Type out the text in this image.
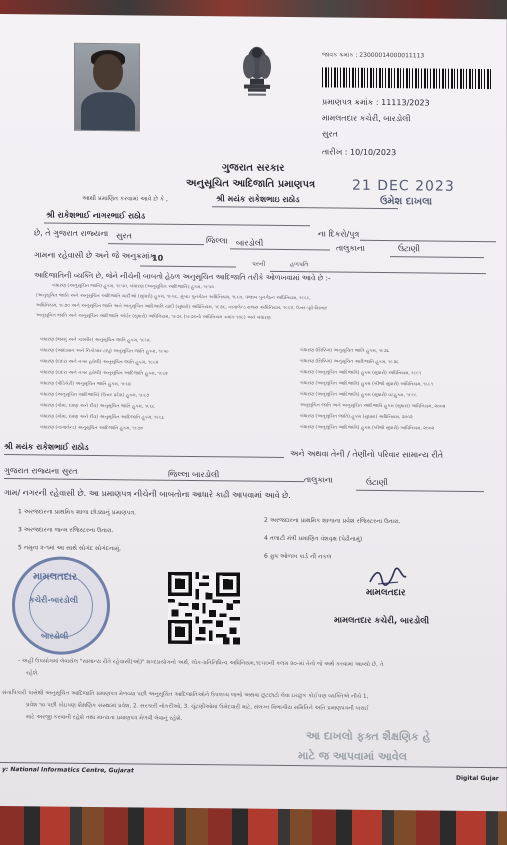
જાવક ક્રમાંક : 23000014000011113
પ્રમાણપત્ર ક્રમાંક : 11113/2023
મામલતદાર કચેરી, બારડોલી
સુરત
તારીખ : 10/10/2023
ગુજરાત સરકાર
અનુસૂચિત આદિજાતિ પ્રમાણપત્ર	21 DEC 2023
ઉમેશ દાખલા
આથી પ્રમાણિત કરવામાં આવે છે કે ,	શ્રી મયંક રાકેશભાઇ રાઠોડ
શ્રી રાકેશભાઈ નાગરભાઈ રાઠોડ
ના દિકરો/પુત્ર
છે, તે ગુજરાત રાજ્યના સુરત
જિલ્લા બારડોલી
તાલુકાના	ઉંટાણી
ગામના રહેવાસી છે અને જે અનુક્રમાંક
10
પરની	હળપતિ
આદિજાતિની વ્યક્તિ છે, જેને નીચેની બાબતો હેઠળ અનુસૂચિત આદિજાતિ તરીકે ઓળખવામાં આવે છે :-
બંધારણ (અનુસૂચિત જાતિ) હુકમ, ૧૯૫૦, બંધારણ (અનુસૂચિત આદિજાતિ) હુકમ, ૧૯૫૦
(અનુસૂચિત જાતિ અને અનુસૂચિત આદિજાતિ યાદીઓ (સુધારો) હુકમ, ૧૯૫૬, મુંબઇ પુનર્ગઠન અધિનિયમ, ૧૯૬૦, પંજાબ પુનર્ગઠન અધિનિયમ, ૧૯૬૬,
અધિનિયમ, ૧૯૭૦ અને અનુસૂચિત જાતિ અને અનુસૂચિત આદિજાતિ યાદી (સુધારો) અધિનિયમ, ૧૯૭૬, નાગાલેન્ડ રાજ્ય અધિનિયમ, ૧૯૬૨, ઉત્તર-પૂર્વ વિસ્તાર
અનુસૂચિત જાતિ અને અનુસૂચિત આદિજાતિ ઓર્ડર (સુધારો) અધિનિયમ, ૧૯૭૬ (૧૯૭૦નો અધિનિયમ ક્રમાંક ૧૦૮) અને બંધારણ
બંધારણ (જમ્મુ અને કાશ્મીર) અનુસૂચિત જાતિ હુકમ, ૧૯૫૬
બંધારણ (આંદામાન અને નિકોબાર ટાપુ) અનુસૂચિત જાતિ હુકમ, ૧૯૫૯
બંધારણ (દાદરા અને નગર હવેલી) અનુસૂચિત જાતિ હુકમ, ૧૯૬૨
બંધારણ (દાદરા અને નગર હવેલી) અનુસૂચિત આદિજાતિ હુકમ, ૧૯૬૨
બંધારણ (પોંડિચેરી) અનુસૂચિત જાતિ હુકમ, ૧૯૬૪
બંધારણ (અનુસૂચિત આદિજાતિ) (ઉત્તર પ્રદેશ) હુકમ, ૧૯૬૭
બંધારણ (ગોવા, દમણ અને દીવ) અનુસૂચિત જાતિ હુકમ, ૧૯૬૮
બંધારણ (ગોવા, દમણ અને દીવ) અનુસૂચિત આદિજાતિ હુકમ, ૧૯૬૮
બંધારણ (નાગાલેન્ડ) અનુસૂચિત આદિજાતિ હુકમ, ૧૯૭૦
બંધારણ (સિક્કિમ) અનુસૂચિત જાતિ હુકમ, ૧૯૭૮
બંધારણ (સિક્કિમ) અનુસૂચિત આદિજાતિ હુકમ, ૧૯૭૮
બંધારણ (અનુસૂચિત આદિજાતિ) હુકમ (સુધારો) અધિનિયમ, ૧૯૯૧
બંધારણ (અનુસૂચિત આદિજાતિ) હુકમ (બીજો સુધારો) અધિનિયમ, ૧૯૯૧
બંધારણ (અનુસૂચિત આદિજાતિ) હુકમ (સુધારો) વટહુકમ, ૧૯૯૬
અનુસૂચિત જાતિ અને અનુસૂચિત આદિજાતિ હુકમ (સુધારા) અધિનિયમ, ૨૦૦૨
બંધારણ (અનુસૂચિત જાતિ) હુકમ (સુધારા) અધિનિયમ, ૨૦૦૨
બંધારણ (અનુસૂચિત આદિજાતિ) હુકમ (બીજો સુધારો) અધિનિયમ, ૨૦૦૨
શ્રી મયંક રાકેશભાઈ રાઠોડ
અને અથવા તેની / તેણીનો પરિવાર સામાન્ય રીતે
ગુજરાત રાજ્યના સુરત	જિલ્લા બારડોલી
તાલુકાના	ઉંટાણી
ગામ/ નગરની રહેવાસી છે. આ પ્રમાણપત્ર નીચેની બાબતોના આધારે કાઢી આપવામાં આવે છે.
1 અરજદારના પ્રાથમિક શાળા છોડ્યાનું પ્રમાણપત્ર.
2 અરજદારના પ્રાથમિક શાળાના પ્રવેશ રજિસ્ટરના ઉતારા.
3 અરજદારના જન્મ રજિસ્ટરના ઉતારા.
4 તલાટી મંત્રી પ્રમાણિત વંશવૃક્ષ (પેઢીનામું)
5 નમુના ૨-૧માં આ સાથે સોગંદ સોગંદનામું.
6 ગ્રુપ ઓળખ કાર્ડ ની નકલ
મામલતદાર
કચેરી-બારડોલી
બારડોલી
મામલતદાર
મામલતદાર કચેરી, બારડોલી
- અહીં ઉપયોગમાં લેવાયેલ "સામાન્ય રીતે રહેવાસી(ઓ)" શબ્દપ્રયોગનો અર્થ, લોક-પ્રતિનિધિત્વ અધિનિયમ,૧૯૫૦ની કલમ ૨૦-માં તેનો જે અર્થ કરવામાં આવ્યો છે, તે
રહેશે.
સંતાપિકારી પાસેથી અનુસૂચિત આદિજાતિ પ્રમાણપત્ર મેળવ્યા પછી અનુસૂચિત આદિજાતિઓને ઉપલબ્ધ લાભો અથવા છૂટછાટો લેવા ઇચ્છુક કોઈપણ વ્યક્તિએ નીચે 1,
પ્રવેશ ૧૦ પછી કોઇપણ શૈક્ષણિક સંસ્થામાં પ્રવેશ, 2. સરકારી નોકરીઓ, 3. ચૂંટણીઓમાં ઉમેદવારી માટે, સંલગ્ન વિભાગીય સમિતિને અતિ પ્રમાણપત્રની ખરાઈ
માટે અરજી કરવાની રહેશે તથા માન્યતા પ્રમાણપત્ર મેળવી લેવાનું રહેશે.
આ દાખલો ફક્ત શૈક્ષણિક હે
માટે જ આપવામાં આવેલ
y: National Informatics Centre, Gujarat
Digital Gujar
